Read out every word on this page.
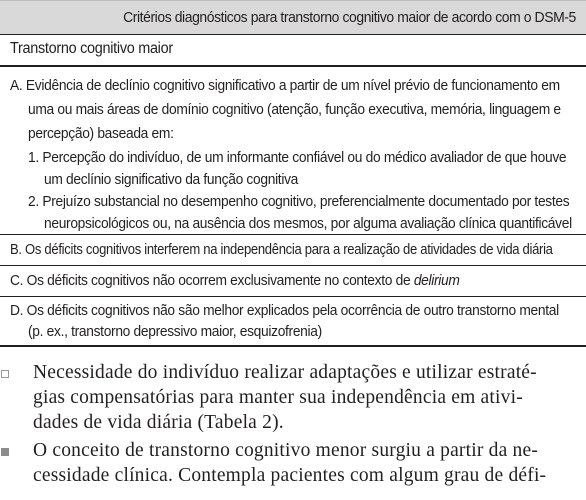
Critérios diagnósticos para transtorno cognitivo maior de acordo com o DSM-5
Transtorno cognitivo maior
A. Evidência de declínio cognitivo significativo a partir de um nível prévio de funcionamento em
uma ou mais áreas de domínio cognitivo (atenção, função executiva, memória, linguagem e
percepção) baseada em:
1. Percepção do indivíduo, de um informante confiável ou do médico avaliador de que houve
um declínio significativo da função cognitiva
2. Prejuízo substancial no desempenho cognitivo, preferencialmente documentado por testes
neuropsicológicos ou, na ausência dos mesmos, por alguma avaliação clínica quantificável
B. Os déficits cognitivos interferem na independência para a realização de atividades de vida diária
C. Os déficits cognitivos não ocorrem exclusivamente no contexto de delirium
D. Os déficits cognitivos não são melhor explicados pela ocorrência de outro transtorno mental
(p. ex., transtorno depressivo maior, esquizofrenia)
Necessidade do indivíduo realizar adaptações e utilizar estraté-
gias compensatórias para manter sua independência em ativi-
dades de vida diária (Tabela 2).
O conceito de transtorno cognitivo menor surgiu a partir da ne-
cessidade clínica. Contempla pacientes com algum grau de défi-
